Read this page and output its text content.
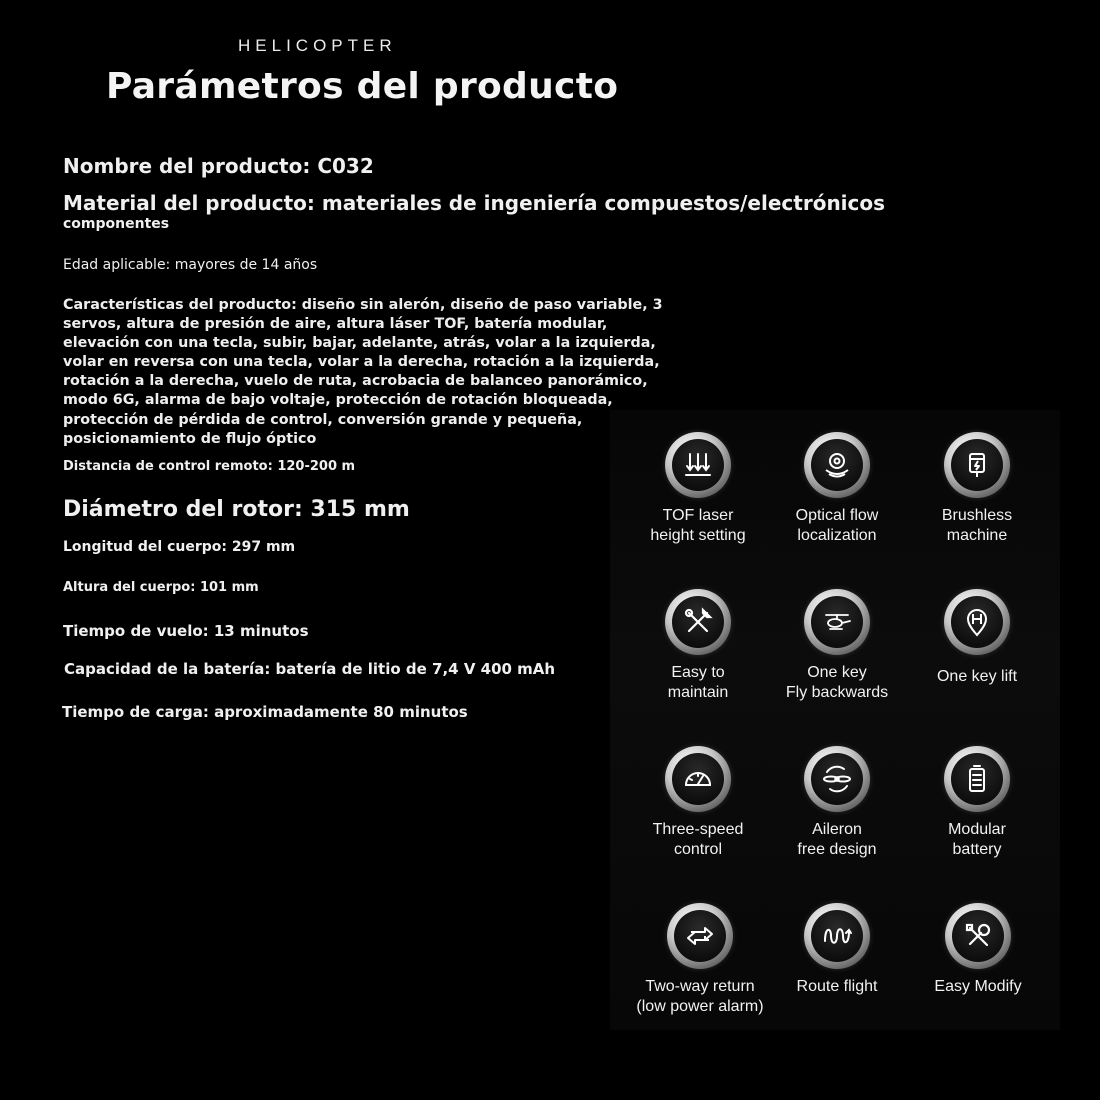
HELICOPTER
Parámetros del producto
Nombre del producto: C032
Material del producto: materiales de ingeniería compuestos/electrónicos
componentes
Edad aplicable: mayores de 14 años
Características del producto: diseño sin alerón, diseño de paso variable, 3 servos, altura de presión de aire, altura láser TOF, batería modular, elevación con una tecla, subir, bajar, adelante, atrás, volar a la izquierda, volar en reversa con una tecla, volar a la derecha, rotación a la izquierda, rotación a la derecha, vuelo de ruta, acrobacia de balanceo panorámico, modo 6G, alarma de bajo voltaje, protección de rotación bloqueada, protección de pérdida de control, conversión grande y pequeña, posicionamiento de flujo óptico
Distancia de control remoto: 120-200 m
Diámetro del rotor: 315 mm
Longitud del cuerpo: 297 mm
Altura del cuerpo: 101 mm
Tiempo de vuelo: 13 minutos
Capacidad de la batería: batería de litio de 7,4 V 400 mAh
Tiempo de carga: aproximadamente 80 minutos
TOF laser
height setting
Optical flow
localization
Brushless
machine
Easy to
maintain
One key
Fly backwards
One key lift
Three-speed
control
Aileron
free design
Modular
battery
Two-way return
(low power alarm)
Route flight	Easy Modify
